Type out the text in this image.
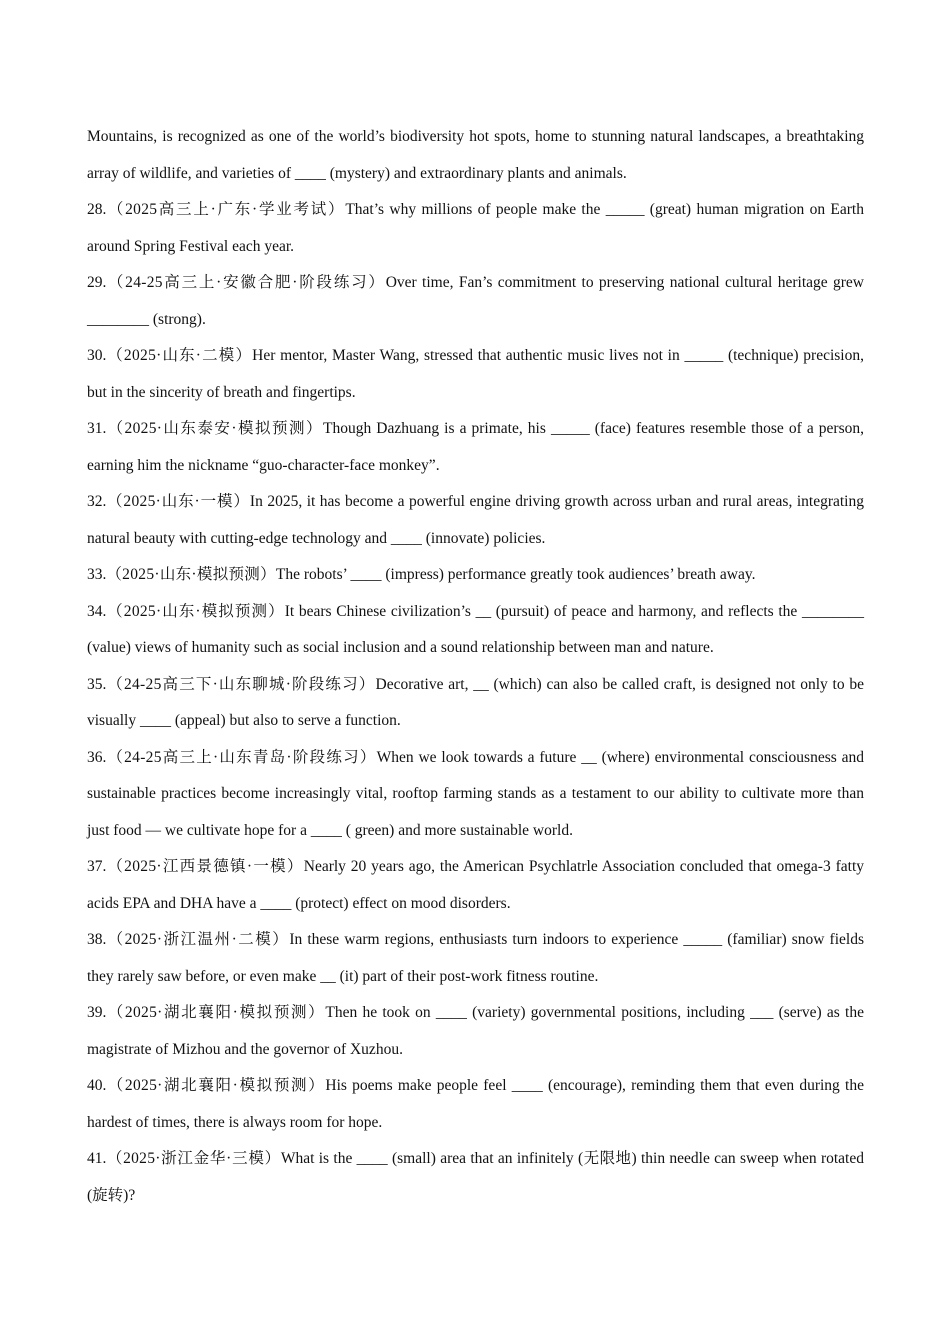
Mountains, is recognized as one of the world’s biodiversity hot spots, home to stunning natural landscapes, a breathtaking array of wildlife, and varieties of ____ (mystery) and extraordinary plants and animals.

28.（2025高三上·广东·学业考试）That’s why millions of people make the _____ (great) human migration on Earth around Spring Festival each year.

29.（24-25高三上·安徽合肥·阶段练习）Over time, Fan’s commitment to preserving national cultural heritage grew ________ (strong).

30.（2025·山东·二模）Her mentor, Master Wang, stressed that authentic music lives not in _____ (technique) precision, but in the sincerity of breath and fingertips.

31.（2025·山东泰安·模拟预测）Though Dazhuang is a primate, his _____ (face) features resemble those of a person, earning him the nickname “guo-character-face monkey”.

32.（2025·山东·一模）In 2025, it has become a powerful engine driving growth across urban and rural areas, integrating natural beauty with cutting-edge technology and ____ (innovate) policies.

33.（2025·山东·模拟预测）The robots’ ____ (impress) performance greatly took audiences’ breath away.

34.（2025·山东·模拟预测）It bears Chinese civilization’s __ (pursuit) of peace and harmony, and reflects the ________ (value) views of humanity such as social inclusion and a sound relationship between man and nature.

35.（24-25高三下·山东聊城·阶段练习）Decorative art, __ (which) can also be called craft, is designed not only to be visually ____ (appeal) but also to serve a function.

36.（24-25高三上·山东青岛·阶段练习）When we look towards a future __ (where) environmental consciousness and sustainable practices become increasingly vital, rooftop farming stands as a testament to our ability to cultivate more than just food — we cultivate hope for a ____ ( green) and more sustainable world.

37.（2025·江西景德镇·一模）Nearly 20 years ago, the American Psychlatrle Association concluded that omega-3 fatty acids EPA and DHA have a ____ (protect) effect on mood disorders.

38.（2025·浙江温州·二模）In these warm regions, enthusiasts turn indoors to experience _____ (familiar) snow fields they rarely saw before, or even make __ (it) part of their post-work fitness routine.

39.（2025·湖北襄阳·模拟预测）Then he took on ____ (variety) governmental positions, including ___ (serve) as the magistrate of Mizhou and the governor of Xuzhou.

40.（2025·湖北襄阳·模拟预测）His poems make people feel ____ (encourage), reminding them that even during the hardest of times, there is always room for hope.

41.（2025·浙江金华·三模）What is the ____ (small) area that an infinitely (无限地) thin needle can sweep when rotated (旋转)?
